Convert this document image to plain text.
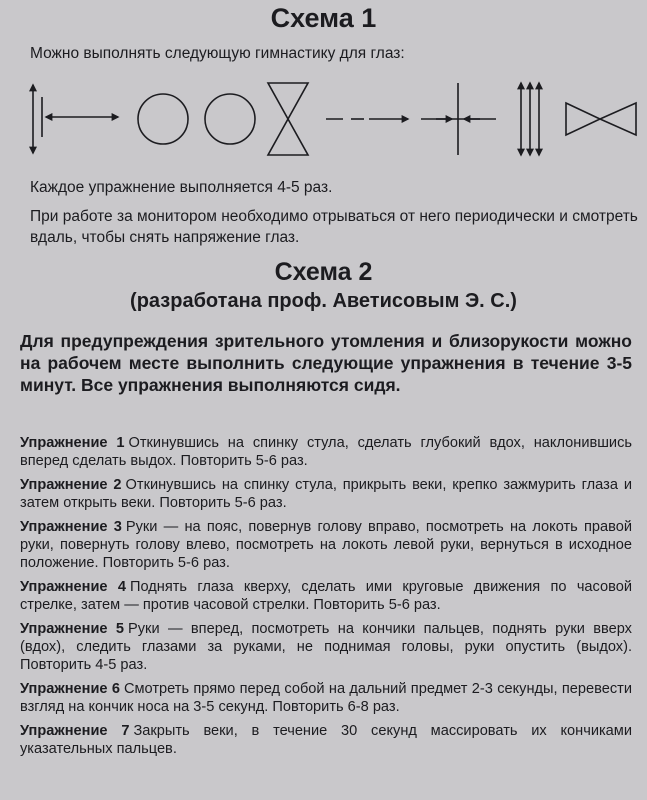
Схема 1
Можно выполнять следующую гимнастику для глаз:
Каждое упражнение выполняется 4-5 раз.
При работе за монитором необходимо отрываться от него периодически и смотреть вдаль, чтобы снять напряжение глаз.
Схема 2
(разработана проф. Аветисовым Э. С.)
Для предупреждения зрительного утомления и близорукости можно на рабочем месте выполнить следующие упражнения в течение 3-5 минут. Все упражнения выполняются сидя.

Упражнение 1 Откинувшись на спинку стула, сделать глубокий вдох, наклонившись вперед сделать выдох. Повторить 5-6 раз.

Упражнение 2 Откинувшись на спинку стула, прикрыть веки, крепко зажмурить глаза и затем открыть веки. Повторить 5-6 раз.

Упражнение 3 Руки — на пояс, повернув голову вправо, посмотреть на локоть правой руки, повернуть голову влево, посмотреть на локоть левой руки, вернуться в исходное положение. Повторить 5-6 раз.

Упражнение 4 Поднять глаза кверху, сделать ими круговые движения по часовой стрелке, затем — против часовой стрелки. Повторить 5-6 раз.

Упражнение 5 Руки — вперед, посмотреть на кончики пальцев, поднять руки вверх (вдох), следить глазами за руками, не поднимая головы, руки опустить (выдох). Повторить 4-5 раз.

Упражнение 6 Смотреть прямо перед собой на дальний предмет 2-3 секунды, перевести взгляд на кончик носа на 3-5 секунд. Повторить 6-8 раз.

Упражнение 7 Закрыть веки, в течение 30 секунд массировать их кончиками указательных пальцев.
